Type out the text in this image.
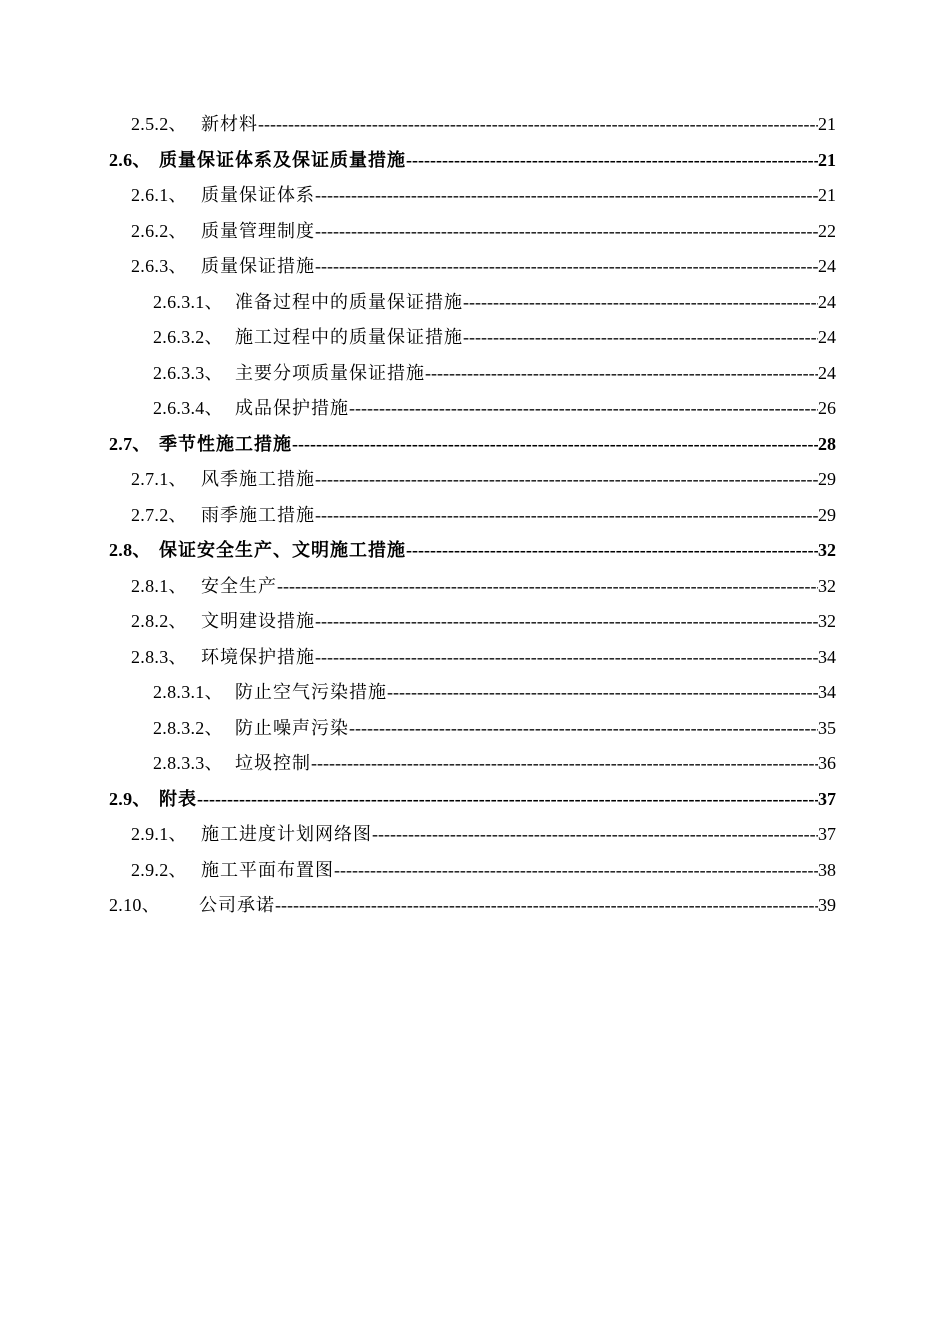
2.5.2、 新材料 -----	21
2.6、 质量保证体系及保证质量措施 -----	21
2.6.1、 质量保证体系 -----	21
2.6.2、 质量管理制度 -----	22
2.6.3、 质量保证措施 -----	24
2.6.3.1、 准备过程中的质量保证措施 -----	24
2.6.3.2、 施工过程中的质量保证措施 -----	24
2.6.3.3、 主要分项质量保证措施 -----	24
2.6.3.4、 成品保护措施 -----	26
2.7、 季节性施工措施 -----	28
2.7.1、 风季施工措施 -----	29
2.7.2、 雨季施工措施 -----	29
2.8、 保证安全生产、文明施工措施 -----	32
2.8.1、 安全生产 -----	32
2.8.2、 文明建设措施 -----	32
2.8.3、 环境保护措施 -----	34
2.8.3.1、 防止空气污染措施 -----	34
2.8.3.2、 防止噪声污染 -----	35
2.8.3.3、 垃圾控制 -----	36
2.9、 附表 -----	37
2.9.1、 施工进度计划网络图 -----	37
2.9.2、 施工平面布置图 -----	38
2.10、	公司承诺 -----	39
